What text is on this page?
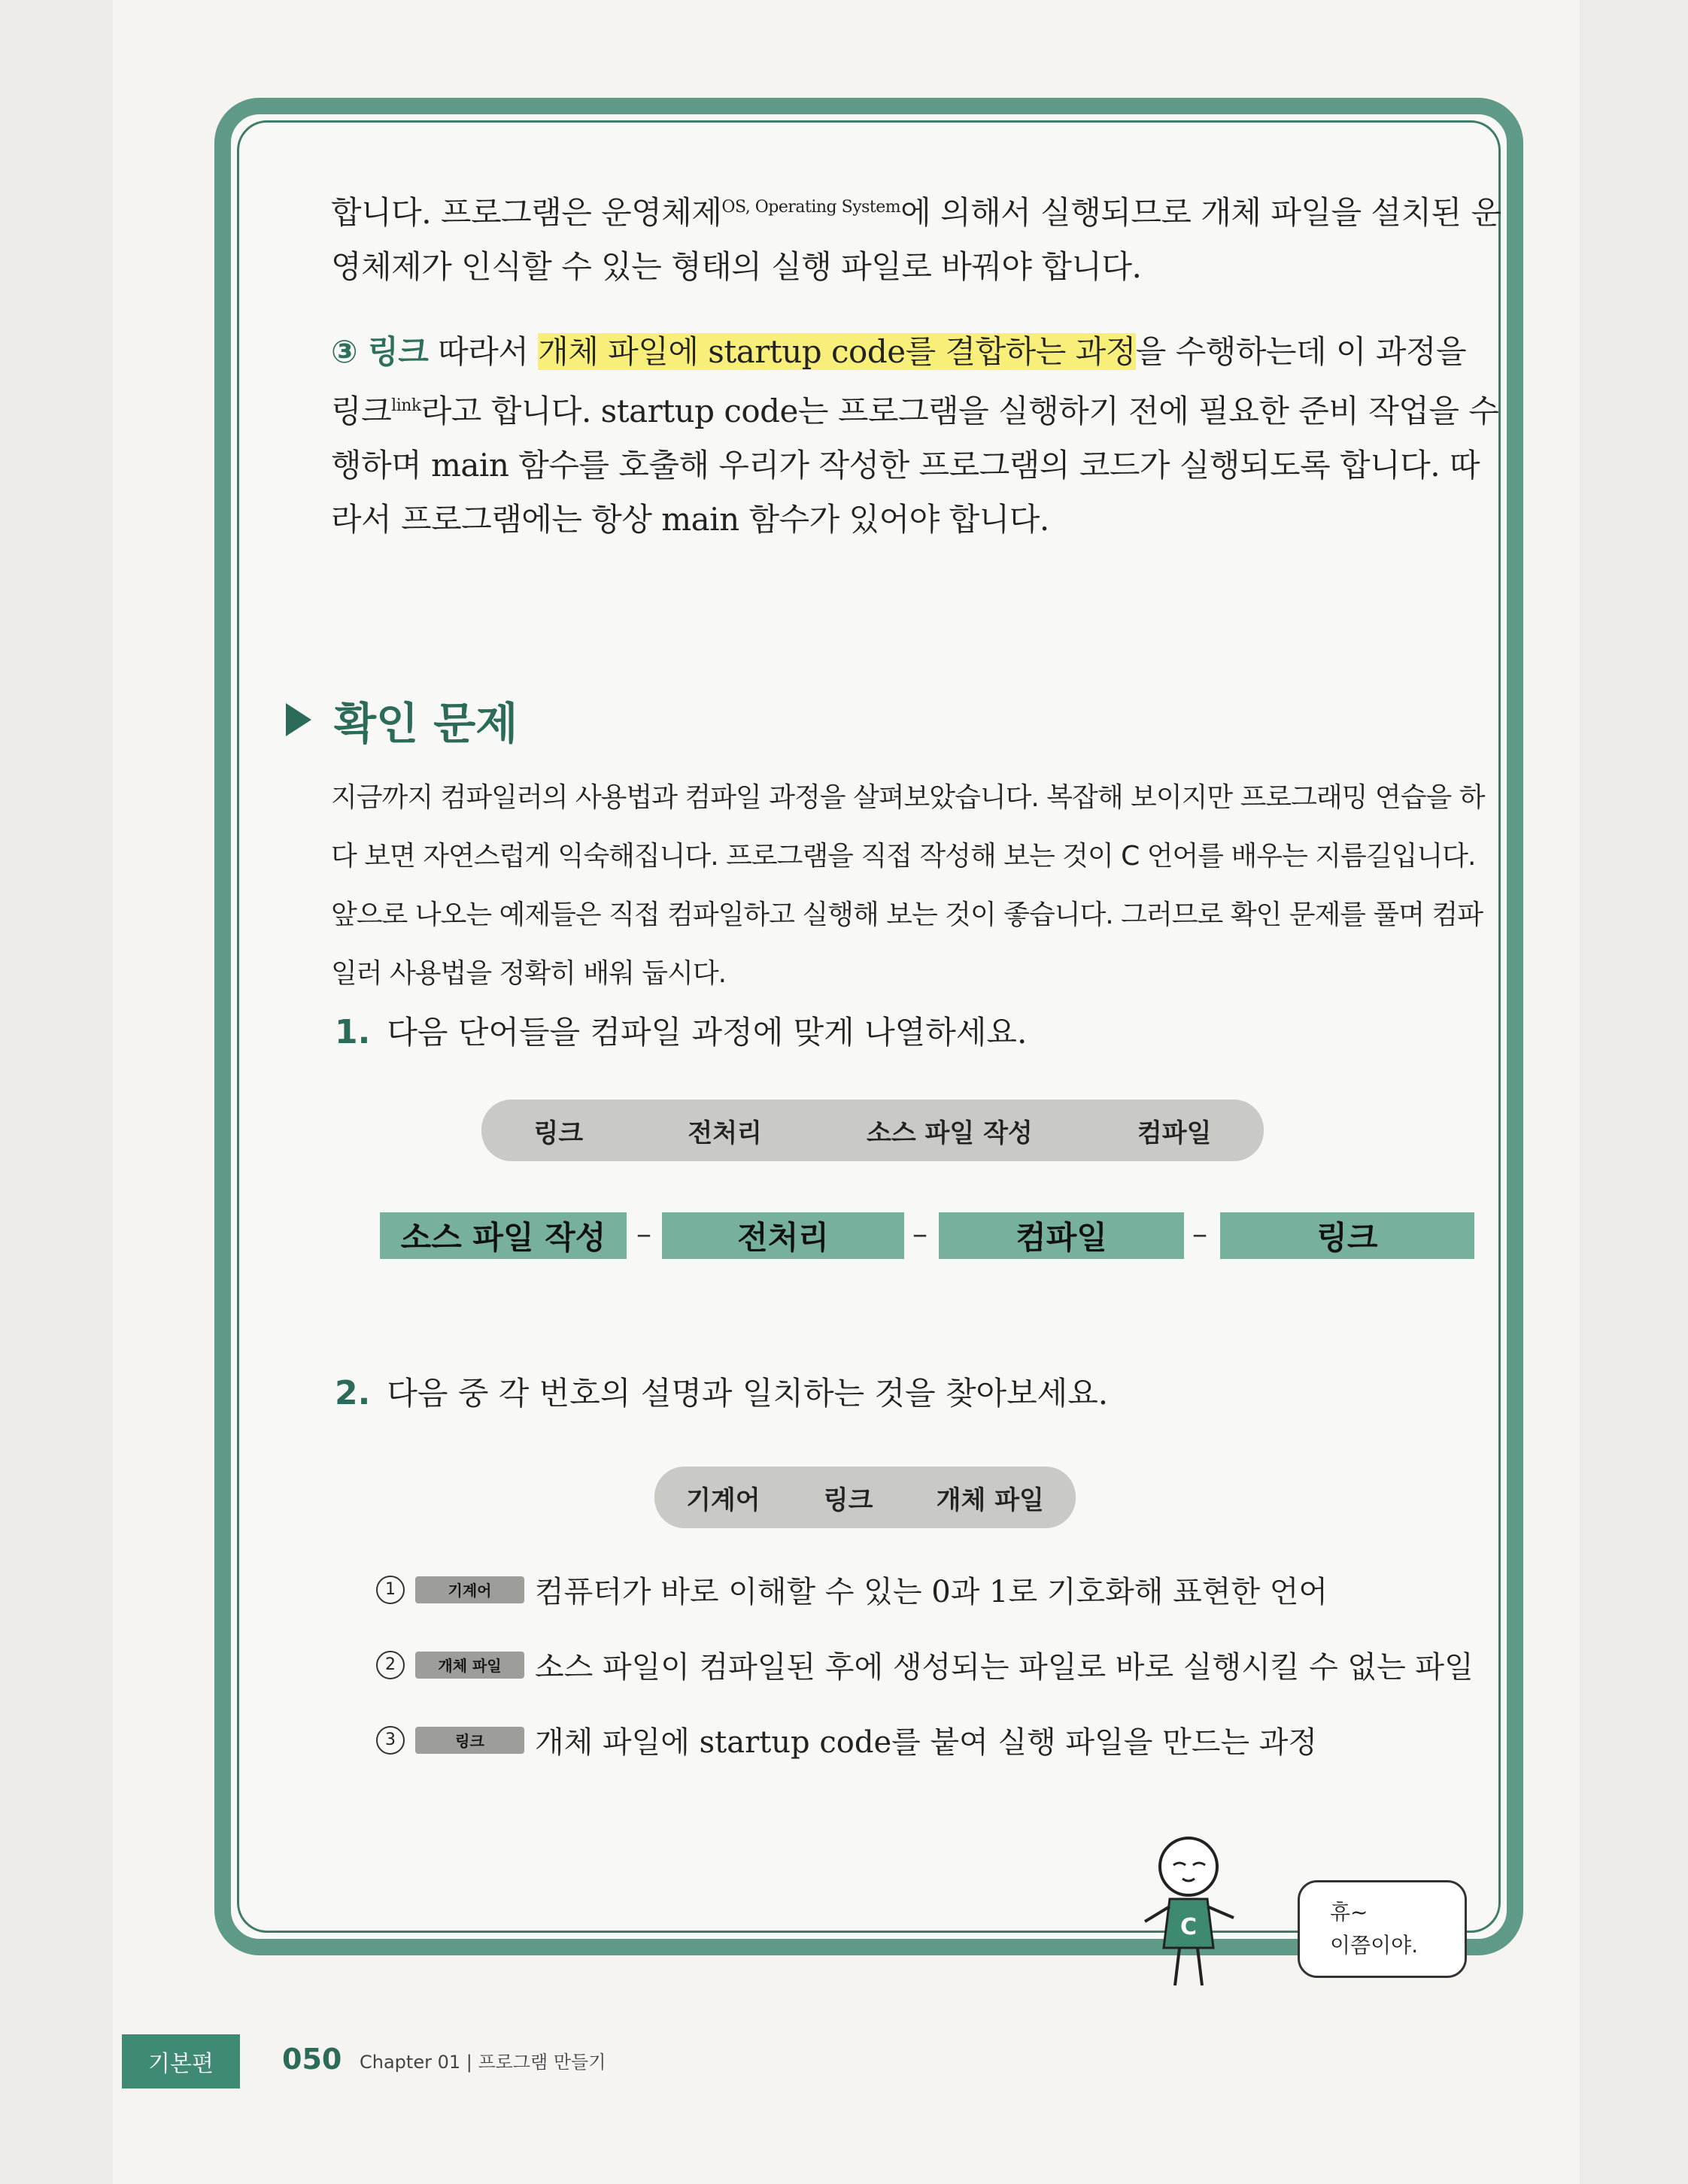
합니다. 프로그램은 운영체제$^{OS, Operating System}$에 의해서 실행되므로 개체 파일을 설치된 운영체제가 인식할 수 있는 형태의 실행 파일로 바꿔야 합니다.
③ 링크 따라서 개체 파일에 startup code를 결합하는 과정을 수행하는데 이 과정을 링크$^{link}$라고 합니다. startup code는 프로그램을 실행하기 전에 필요한 준비 작업을 수행하며 main 함수를 호출해 우리가 작성한 프로그램의 코드가 실행되도록 합니다. 따라서 프로그램에는 항상 main 함수가 있어야 합니다.
확인 문제
지금까지 컴파일러의 사용법과 컴파일 과정을 살펴보았습니다. 복잡해 보이지만 프로그래밍 연습을 하다 보면 자연스럽게 익숙해집니다. 프로그램을 직접 작성해 보는 것이 C 언어를 배우는 지름길입니다. 앞으로 나오는 예제들은 직접 컴파일하고 실행해 보는 것이 좋습니다. 그러므로 확인 문제를 풀며 컴파일러 사용법을 정확히 배워 둡시다.
1. 다음 단어들을 컴파일 과정에 맞게 나열하세요.
링크	전처리	소스 파일 작성	컴파일
소스 파일 작성	–	전처리	–	컴파일	–	링크
2. 다음 중 각 번호의 설명과 일치하는 것을 찾아보세요.
기계어 링크 개체 파일
1	기계어	컴퓨터가 바로 이해할 수 있는 0과 1로 기호화해 표현한 언어
2	개체 파일	소스 파일이 컴파일된 후에 생성되는 파일로 바로 실행시킬 수 없는 파일
3	링크	개체 파일에 startup code를 붙여 실행 파일을 만드는 과정
C
휴~
이쯤이야.
기본편	050 Chapter 01 | 프로그램 만들기
